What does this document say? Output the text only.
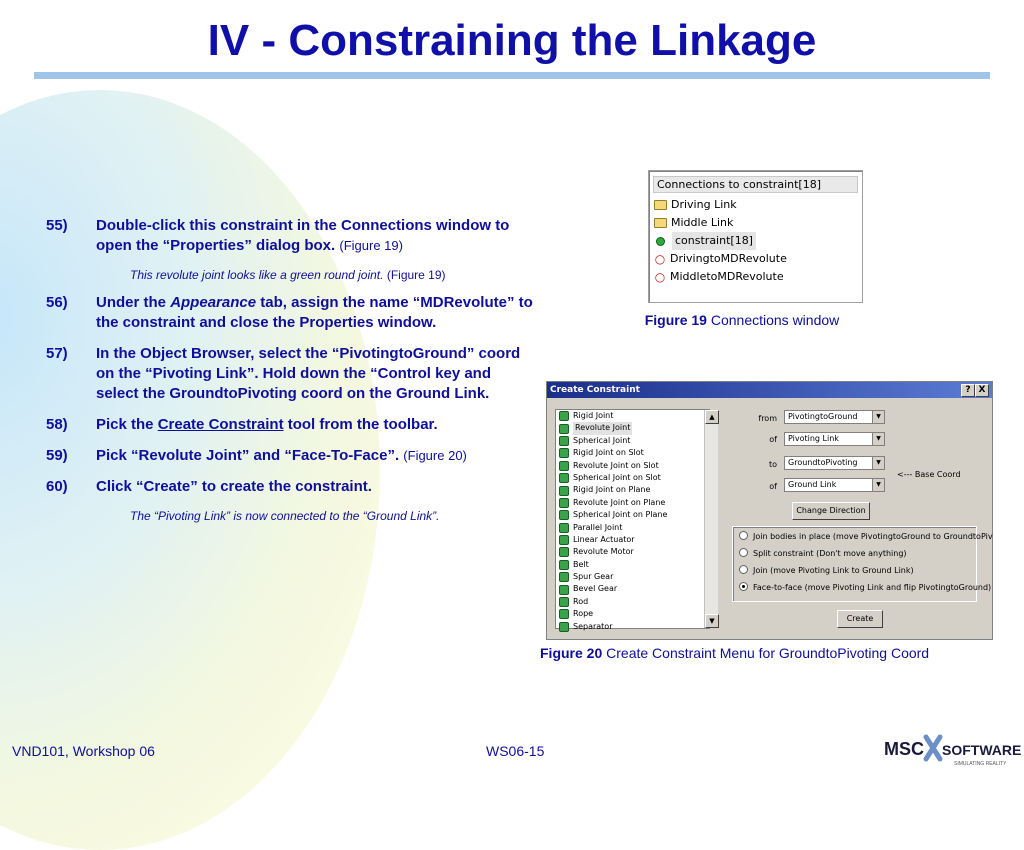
IV - Constraining the Linkage
55) Double-click this constraint in the Connections window to open the “Properties” dialog box. (Figure 19)
This revolute joint looks like a green round joint. (Figure 19)
56) Under the Appearance tab, assign the name “MDRevolute” to the constraint and close the Properties window.
57) In the Object Browser, select the “PivotingtoGround” coord on the “Pivoting Link”. Hold down the “Control key and select the GroundtoPivoting coord on the Ground Link.
58) Pick the Create Constraint tool from the toolbar.
59) Pick “Revolute Joint” and “Face-To-Face”. (Figure 20)
60) Click “Create” to create the constraint.
The “Pivoting Link” is now connected to the “Ground Link”.
Connections to constraint[18]
Driving Link
Middle Link
constraint[18]
○ DrivingtoMDRevolute
○ MiddletoMDRevolute
Figure 19 Connections window
Create Constraint	? X
Rigid Joint
Revolute Joint
Spherical Joint
Rigid Joint on Slot
Revolute Joint on Slot
Spherical Joint on Slot
Rigid Joint on Plane
Revolute Joint on Plane
Spherical Joint on Plane
Parallel Joint
Linear Actuator
Revolute Motor
Belt
Spur Gear
Bevel Gear
Rod
Rope
Separator
▲
▼
from	PivotingtoGround	▼
of	Pivoting Link	▼
to	GroundtoPivoting	▼
<--- Base Coord
of	Ground Link	▼
Change Direction
Join bodies in place (move PivotingtoGround to GroundtoPiv
Split constraint (Don't move anything)
Join (move Pivoting Link to Ground Link)
Face-to-face (move Pivoting Link and flip PivotingtoGround)
Create
Figure 20 Create Constraint Menu for GroundtoPivoting Coord
VND101, Workshop 06	WS06-15	MSC SOFTWARE
SIMULATING REALITY
